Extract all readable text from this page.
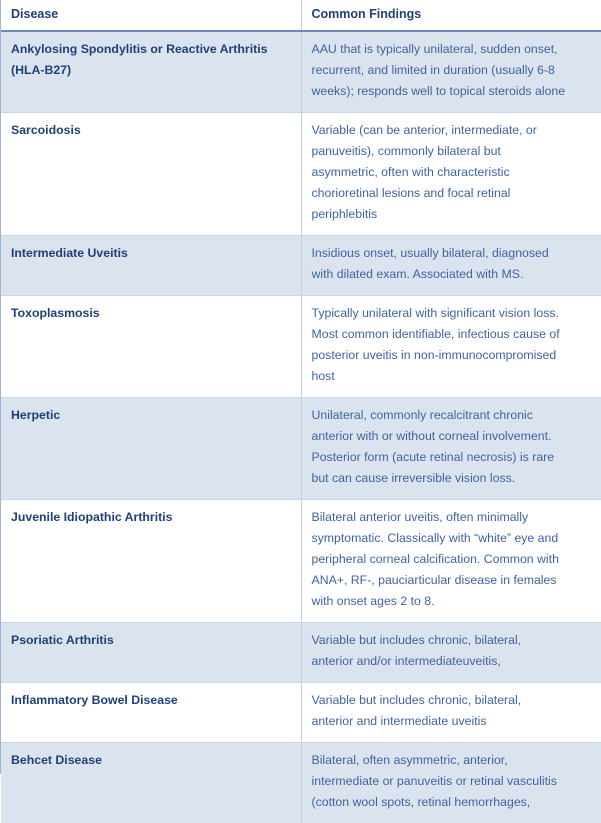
Disease	Common Findings

Ankylosing Spondylitis or Reactive Arthritis
(HLA-B27)	AAU that is typically unilateral, sudden onset,
recurrent, and limited in duration (usually 6-8
weeks); responds well to topical steroids alone

Sarcoidosis	Variable (can be anterior, intermediate, or
panuveitis), commonly bilateral but
asymmetric, often with characteristic
chorioretinal lesions and focal retinal
periphlebitis

Intermediate Uveitis	Insidious onset, usually bilateral, diagnosed
with dilated exam. Associated with MS.

Toxoplasmosis	Typically unilateral with significant vision loss.
Most common identifiable, infectious cause of
posterior uveitis in non-immunocompromised
host

Herpetic	Unilateral, commonly recalcitrant chronic
anterior with or without corneal involvement.
Posterior form (acute retinal necrosis) is rare
but can cause irreversible vision loss.

Juvenile Idiopathic Arthritis	Bilateral anterior uveitis, often minimally
symptomatic. Classically with “white” eye and
peripheral corneal calcification. Common with
ANA+, RF-, pauciarticular disease in females
with onset ages 2 to 8.

Psoriatic Arthritis	Variable but includes chronic, bilateral,
anterior and/or intermediateuveitis,

Inflammatory Bowel Disease	Variable but includes chronic, bilateral,
anterior and intermediate uveitis

Behcet Disease	Bilateral, often asymmetric, anterior,
intermediate or panuveitis or retinal vasculitis
(cotton wool spots, retinal hemorrhages,
